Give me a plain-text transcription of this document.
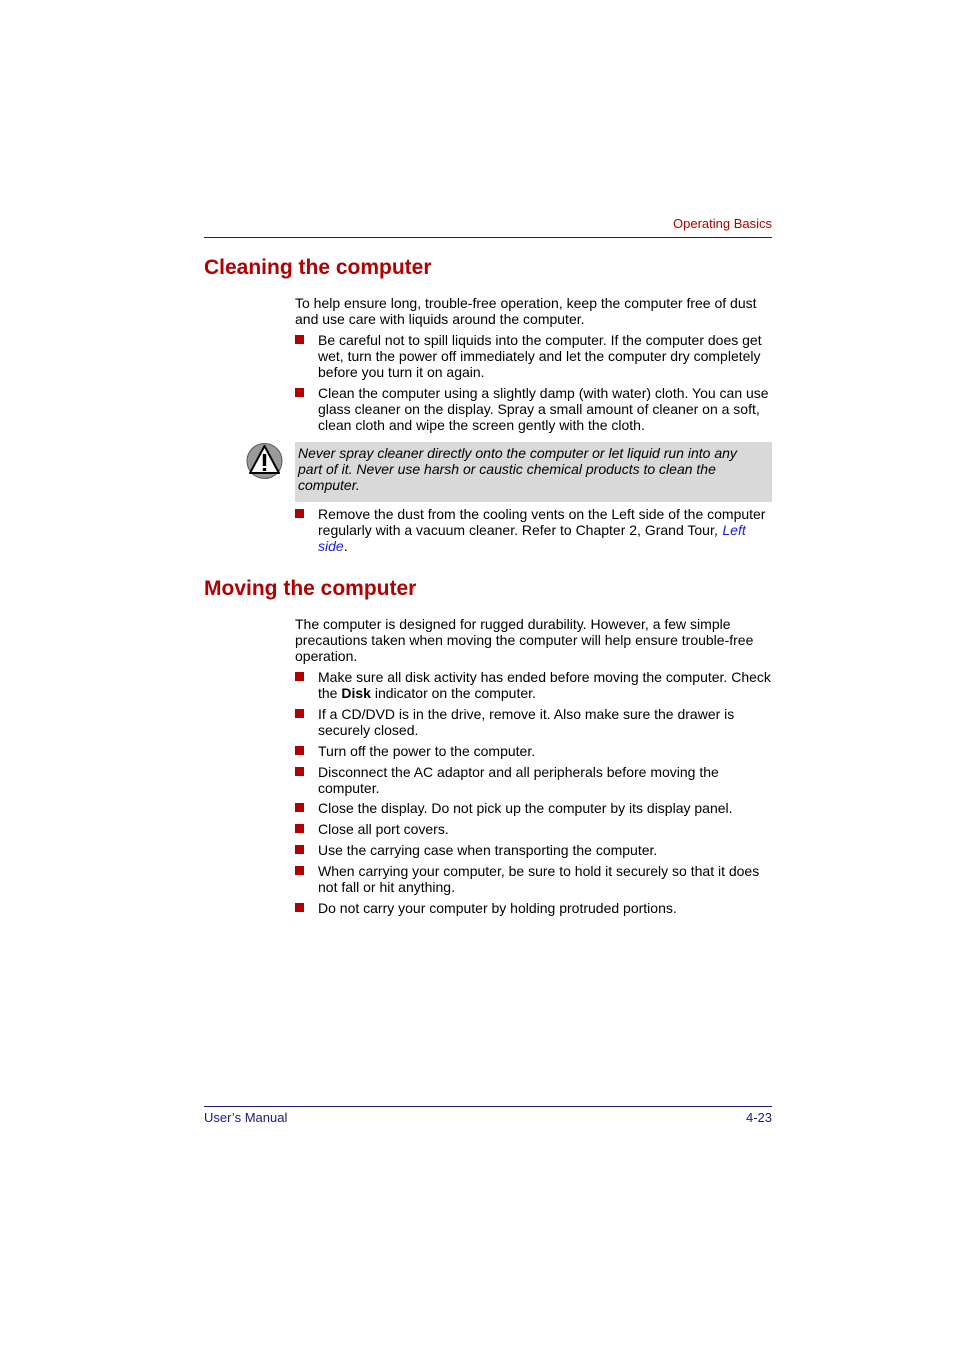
Operating Basics
Cleaning the computer
To help ensure long, trouble-free operation, keep the computer free of dust and use care with liquids around the computer.
Be careful not to spill liquids into the computer. If the computer does get wet, turn the power off immediately and let the computer dry completely before you turn it on again.
Clean the computer using a slightly damp (with water) cloth. You can use glass cleaner on the display. Spray a small amount of cleaner on a soft, clean cloth and wipe the screen gently with the cloth.
Never spray cleaner directly onto the computer or let liquid run into any part of it. Never use harsh or caustic chemical products to clean the computer.
Remove the dust from the cooling vents on the Left side of the computer regularly with a vacuum cleaner. Refer to Chapter 2, Grand Tour, Left side.
Moving the computer
The computer is designed for rugged durability. However, a few simple precautions taken when moving the computer will help ensure trouble-free operation.
Make sure all disk activity has ended before moving the computer. Check the Disk indicator on the computer.
If a CD/DVD is in the drive, remove it. Also make sure the drawer is securely closed.
Turn off the power to the computer.
Disconnect the AC adaptor and all peripherals before moving the computer.
Close the display. Do not pick up the computer by its display panel.
Close all port covers.
Use the carrying case when transporting the computer.
When carrying your computer, be sure to hold it securely so that it does not fall or hit anything.
Do not carry your computer by holding protruded portions.
User’s Manual	4-23
